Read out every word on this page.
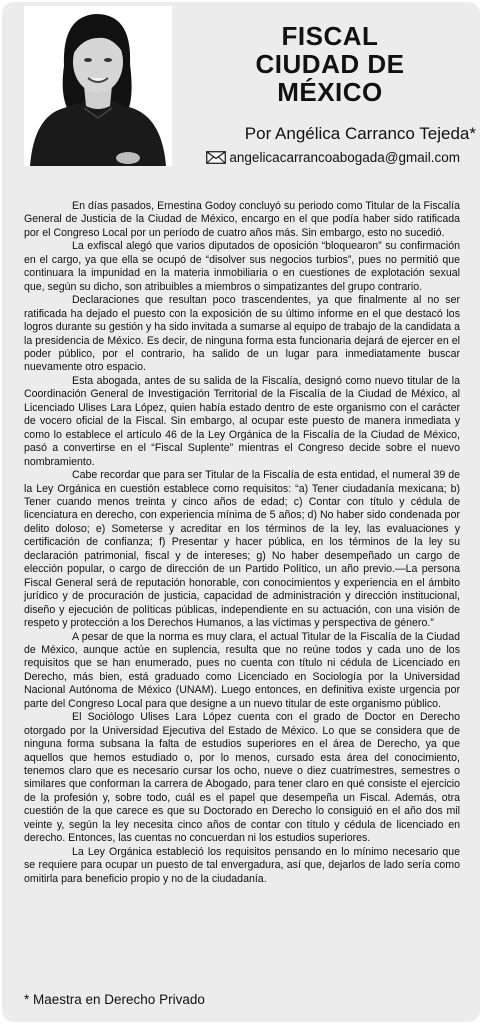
FISCAL
CIUDAD DE
MÉXICO
Por Angélica Carranco Tejeda*
angelicacarrancoabogada@gmail.com

En días pasados, Ernestina Godoy concluyó su periodo como Titular de la Fiscalía General de Justicia de la Ciudad de México, encargo en el que podía haber sido ratificada por el Congreso Local por un período de cuatro años más. Sin embargo, esto no sucedió.

La exfiscal alegó que varios diputados de oposición “bloquearon” su confirmación en el cargo, ya que ella se ocupó de “disolver sus negocios turbios”, pues no permitió que continuara la impunidad en la materia inmobiliaria o en cuestiones de explotación sexual que, según su dicho, son atribuibles a miembros o simpatizantes del grupo contrario.

Declaraciones que resultan poco trascendentes, ya que finalmente al no ser ratificada ha dejado el puesto con la exposición de su último informe en el que destacó los logros durante su gestión y ha sido invitada a sumarse al equipo de trabajo de la candidata a la presidencia de México. Es decir, de ninguna forma esta funcionaria dejará de ejercer en el poder público, por el contrario, ha salido de un lugar para inmediatamente buscar nuevamente otro espacio.

Esta abogada, antes de su salida de la Fiscalía, designó como nuevo titular de la Coordinación General de Investigación Territorial de la Fiscalía de la Ciudad de México, al Licenciado Ulises Lara López, quien había estado dentro de este organismo con el carácter de vocero oficial de la Fiscal. Sin embargo, al ocupar este puesto de manera inmediata y como lo establece el artículo 46 de la Ley Orgánica de la Fiscalía de la Ciudad de México, pasó a convertirse en el “Fiscal Suplente” mientras el Congreso decide sobre el nuevo nombramiento.

Cabe recordar que para ser Titular de la Fiscalía de esta entidad, el numeral 39 de la Ley Orgánica en cuestión establece como requisitos: “a) Tener ciudadanía mexicana; b) Tener cuando menos treinta y cinco años de edad; c) Contar con título y cédula de licenciatura en derecho, con experiencia mínima de 5 años; d) No haber sido condenada por delito doloso; e) Someterse y acreditar en los términos de la ley, las evaluaciones y certificación de confianza; f) Presentar y hacer pública, en los términos de la ley su declaración patrimonial, fiscal y de intereses; g) No haber desempeñado un cargo de elección popular, o cargo de dirección de un Partido Político, un año previo.—La persona Fiscal General será de reputación honorable, con conocimientos y experiencia en el ámbito jurídico y de procuración de justicia, capacidad de administración y dirección institucional, diseño y ejecución de políticas públicas, independiente en su actuación, con una visión de respeto y protección a los Derechos Humanos, a las víctimas y perspectiva de género.”

A pesar de que la norma es muy clara, el actual Titular de la Fiscalía de la Ciudad de México, aunque actúe en suplencia, resulta que no reúne todos y cada uno de los requisitos que se han enumerado, pues no cuenta con título ni cédula de Licenciado en Derecho, más bien, está graduado como Licenciado en Sociología por la Universidad Nacional Autónoma de México (UNAM). Luego entonces, en definitiva existe urgencia por parte del Congreso Local para que designe a un nuevo titular de este organismo público.

El Sociólogo Ulises Lara López cuenta con el grado de Doctor en Derecho otorgado por la Universidad Ejecutiva del Estado de México. Lo que se considera que de ninguna forma subsana la falta de estudios superiores en el área de Derecho, ya que aquellos que hemos estudiado o, por lo menos, cursado esta área del conocimiento, tenemos claro que es necesario cursar los ocho, nueve o diez cuatrimestres, semestres o similares que conforman la carrera de Abogado, para tener claro en qué consiste el ejercicio de la profesión y, sobre todo, cuál es el papel que desempeña un Fiscal. Además, otra cuestión de la que carece es que su Doctorado en Derecho lo consiguió en el año dos mil veinte y, según la ley necesita cinco años de contar con título y cédula de licenciado en derecho. Entonces, las cuentas no concuerdan ni los estudios superiores.

La Ley Orgánica estableció los requisitos pensando en lo mínimo necesario que se requiere para ocupar un puesto de tal envergadura, así que, dejarlos de lado sería como omitirla para beneficio propio y no de la ciudadanía.

* Maestra en Derecho Privado
